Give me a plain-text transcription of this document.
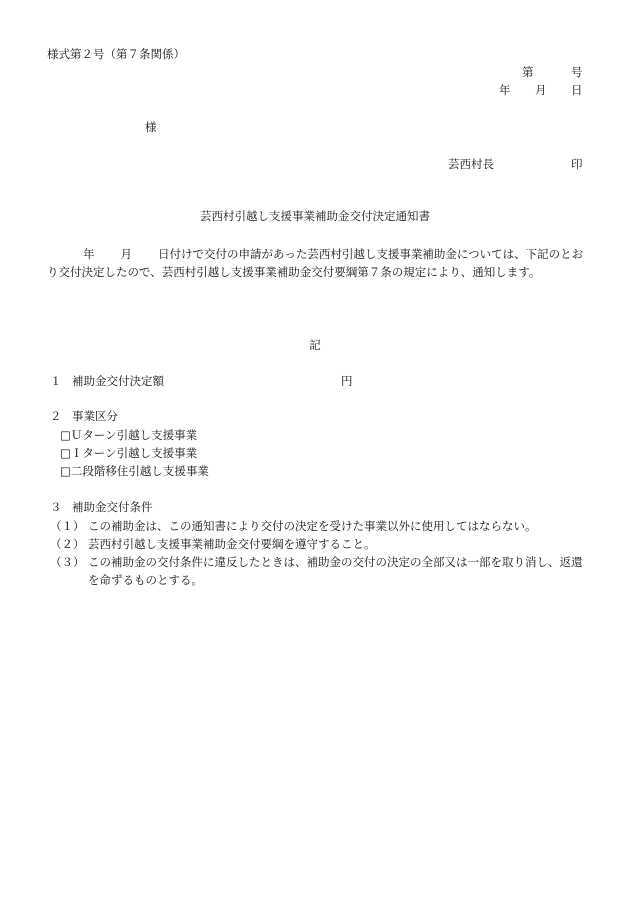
様式第２号（第７条関係）
第	号
年 月 日
様
芸西村長	印
芸西村引越し支援事業補助金交付決定通知書
年 月 日付けで交付の申請があった芸西村引越し支援事業補助金については、下記のとおり交付決定したので、芸西村引越し支援事業補助金交付要綱第７条の規定により、通知します。
記
１ 補助金交付決定額	円
２ 事業区分
□Ｕターン引越し支援事業
□Ｉターン引越し支援事業
□二段階移住引越し支援事業
３ 補助金交付条件
（１） この補助金は、この通知書により交付の決定を受けた事業以外に使用してはならない。
（２） 芸西村引越し支援事業補助金交付要綱を遵守すること。
（３） この補助金の交付条件に違反したときは、補助金の交付の決定の全部又は一部を取り消し、返還を命ずるものとする。
